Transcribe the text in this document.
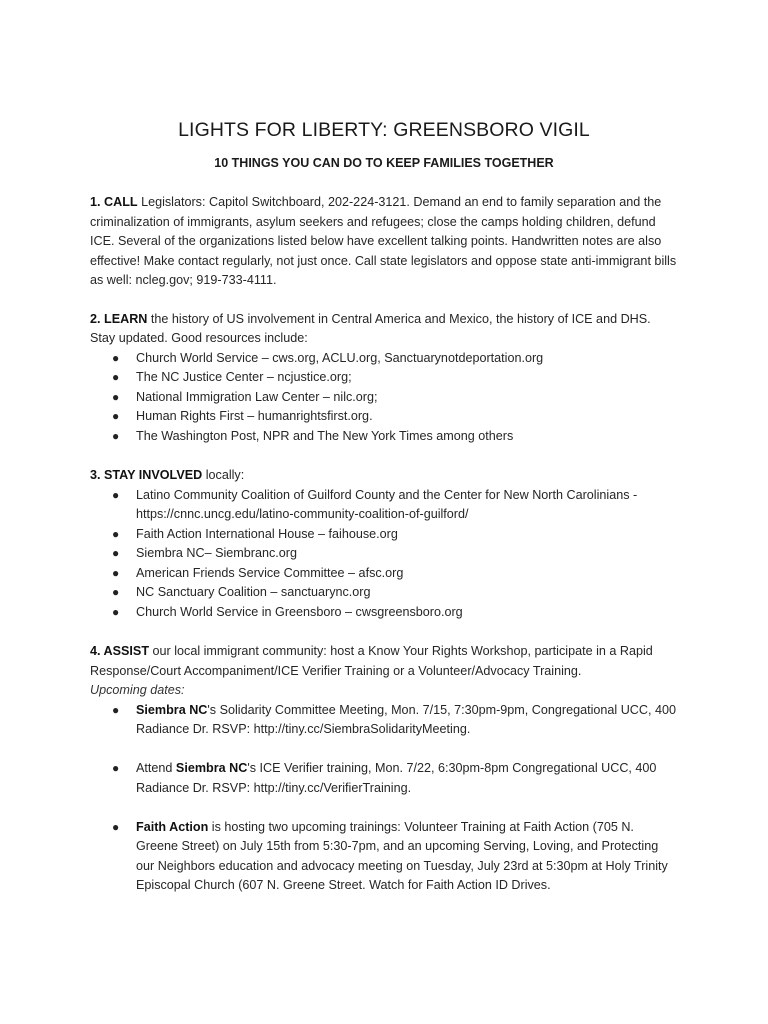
LIGHTS FOR LIBERTY: GREENSBORO VIGIL
10 THINGS YOU CAN DO TO KEEP FAMILIES TOGETHER

1. CALL Legislators: Capitol Switchboard, 202-224-3121. Demand an end to family separation and the criminalization of immigrants, asylum seekers and refugees; close the camps holding children, defund ICE. Several of the organizations listed below have excellent talking points. Handwritten notes are also effective! Make contact regularly, not just once. Call state legislators and oppose state anti-immigrant bills as well: ncleg.gov; 919-733-4111.

2. LEARN the history of US involvement in Central America and Mexico, the history of ICE and DHS. Stay updated. Good resources include:

● Church World Service – cws.org, ACLU.org, Sanctuarynotdeportation.org
● The NC Justice Center – ncjustice.org;
● National Immigration Law Center – nilc.org;
● Human Rights First – humanrightsfirst.org.
● The Washington Post, NPR and The New York Times among others

3. STAY INVOLVED locally:

● Latino Community Coalition of Guilford County and the Center for New North Carolinians - https://cnnc.uncg.edu/latino-community-coalition-of-guilford/
● Faith Action International House – faihouse.org
● Siembra NC– Siembranc.org
● American Friends Service Committee – afsc.org
● NC Sanctuary Coalition – sanctuarync.org
● Church World Service in Greensboro – cwsgreensboro.org

4. ASSIST our local immigrant community: host a Know Your Rights Workshop, participate in a Rapid Response/Court Accompaniment/ICE Verifier Training or a Volunteer/Advocacy Training.

Upcoming dates:

● Siembra NC's Solidarity Committee Meeting, Mon. 7/15, 7:30pm-9pm, Congregational UCC, 400 Radiance Dr. RSVP: http://tiny.cc/SiembraSolidarityMeeting.
● Attend Siembra NC's ICE Verifier training, Mon. 7/22, 6:30pm-8pm Congregational UCC, 400 Radiance Dr. RSVP: http://tiny.cc/VerifierTraining.
● Faith Action is hosting two upcoming trainings: Volunteer Training at Faith Action (705 N. Greene Street) on July 15th from 5:30-7pm, and an upcoming Serving, Loving, and Protecting our Neighbors education and advocacy meeting on Tuesday, July 23rd at 5:30pm at Holy Trinity Episcopal Church (607 N. Greene Street. Watch for Faith Action ID Drives.
